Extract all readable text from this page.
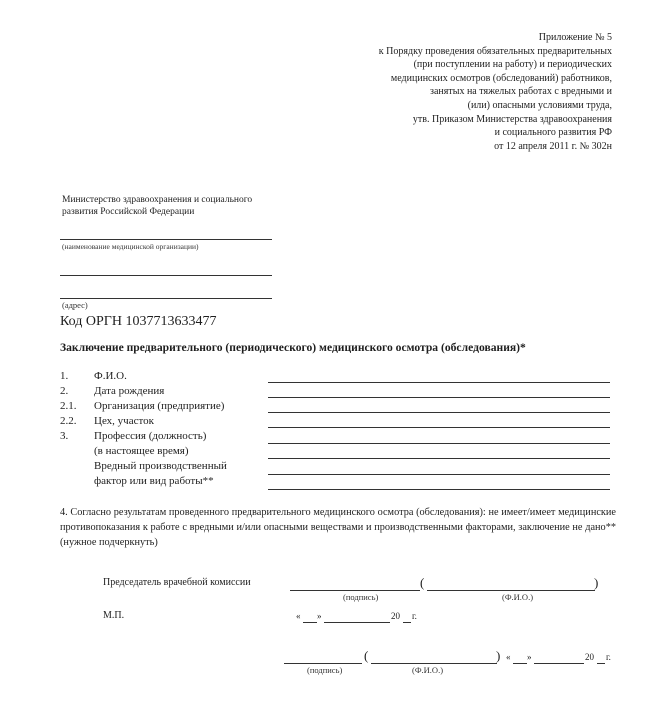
Приложение № 5
к Порядку проведения обязательных предварительных
(при поступлении на работу) и периодических
медицинских осмотров (обследований) работников,
занятых на тяжелых работах с вредными и
(или) опасными условиями труда,
утв. Приказом Министерства здравоохранения
и социального развития РФ
от 12 апреля 2011 г. № 302н
Министерство здравоохранения и социального
развития Российской Федерации
(наименование медицинской организации)
(адрес)
Код ОРГН 1037713633477
Заключение предварительного (периодического) медицинского осмотра (обследования)*
1.	Ф.И.О.
2.	Дата рождения
2.1.	Организация (предприятие)
2.2.	Цех, участок
3.	Профессия (должность)
(в настоящее время)
Вредный производственный
фактор или вид работы**
4. Согласно результатам проведенного предварительного медицинского осмотра (обследования): не имеет/имеет медицинские противопоказания к работе с вредными и/или опасными веществами и производственными факторами, заключение не дано** (нужное подчеркнуть)
Председатель врачебной комиссии
(подпись)
(	)
(Ф.И.О.)
М.П.	« »	20 г.
(подпись)
(	)
(Ф.И.О.)
« »	20 г.
